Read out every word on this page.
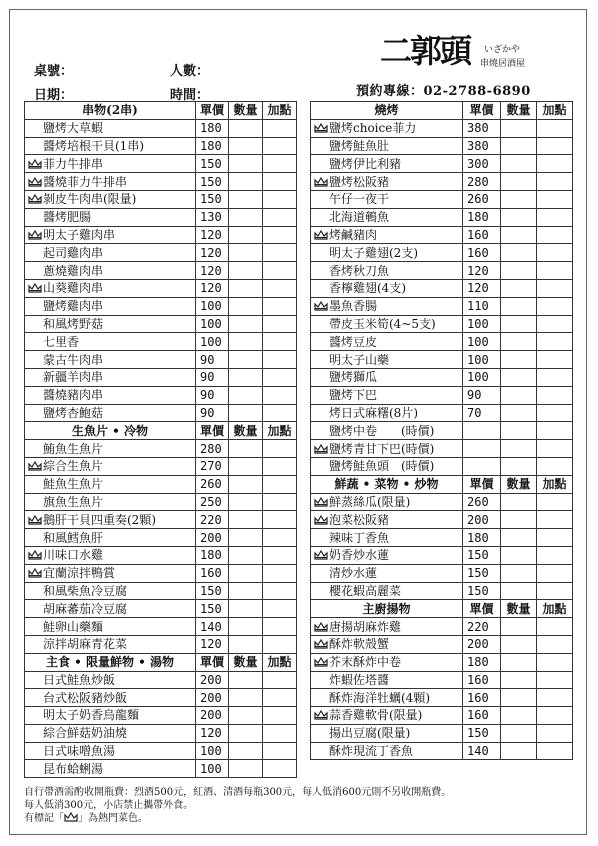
桌號：	人數：
日期：	時間：
二郭頭 いざかや
串燒居酒屋
預約專線：02-2788-6890
串物(2串)	單價	數量	加點
鹽烤大草蝦	180		
醬烤培根干貝(1串)	180		
菲力牛排串	150		
醬燒菲力牛排串	150		
剝皮牛肉串(限量)	150		
醬烤肥腸	130		
明太子雞肉串	120		
起司雞肉串	120		
蔥燒雞肉串	120		
山葵雞肉串	120		
鹽烤雞肉串	100		
和風烤野菇	100		
七里香	100		
蒙古牛肉串	90		
新疆羊肉串	90		
醬燒豬肉串	90		
鹽烤杏鮑菇	90		
生魚片 • 冷物	單價	數量	加點
鮪魚生魚片	280		
綜合生魚片	270		
鮭魚生魚片	260		
旗魚生魚片	250		
鵝肝干貝四重奏(2顆)	220		
和風鱈魚肝	200		
川味口水雞	180		
宜蘭涼拌鴨賞	160		
和風柴魚冷豆腐	150		
胡麻蕃茄冷豆腐	150		
鮭卵山藥麵	140		
涼拌胡麻青花菜	120		
主食 • 限量鮮物 • 湯物	單價	數量	加點
日式鮭魚炒飯	200		
台式松阪豬炒飯	200		
明太子奶香烏龍麵	200		
綜合鮮菇奶油燒	120		
日式味噌魚湯	100		
昆布蛤蜊湯	100		
燒烤	單價	數量	加點
鹽烤choice菲力	380		
鹽烤鮭魚肚	380		
鹽烤伊比利豬	300		
鹽烤松阪豬	280		
午仔一夜干	260		
北海道鵪魚	180		
烤鹹豬肉	160		
明太子雞翅(2支)	160		
香烤秋刀魚	120		
香檸雞翅(4支)	120		
墨魚香腸	110		
帶皮玉米筍(4~5支)	100		
醬烤豆皮	100		
明太子山藥	100		
鹽烤獅瓜	100		
鹽烤下巴	90		
烤日式麻糬(8片)	70		
鹽烤中卷　　(時價)			
鹽烤青甘下巴(時價)			
鹽烤鮭魚頭　(時價)			
鮮蔬 • 菜物 • 炒物	單價	數量	加點
鮮蒸絲瓜(限量)	260		
泡菜松阪豬	200		
辣味丁香魚	180		
奶香炒水蓮	150		
清炒水蓮	150		
櫻花蝦高麗菜	150		
主廚揚物	單價	數量	加點
唐揚胡麻炸雞	220		
酥炸軟殼蟹	200		
芥末酥炸中卷	180		
炸蝦佐塔醬	160		
酥炸海洋牡蠣(4顆)	160		
蒜香雞軟骨(限量)	160		
揚出豆腐(限量)	150		
酥炸現流丁香魚	140		
自行帶酒需酌收開瓶費：烈酒500元，紅酒、清酒每瓶300元，每人低消600元則不另收開瓶費。
每人低消300元，小店禁止攜帶外食。
有標記「 」為熱門菜色。
